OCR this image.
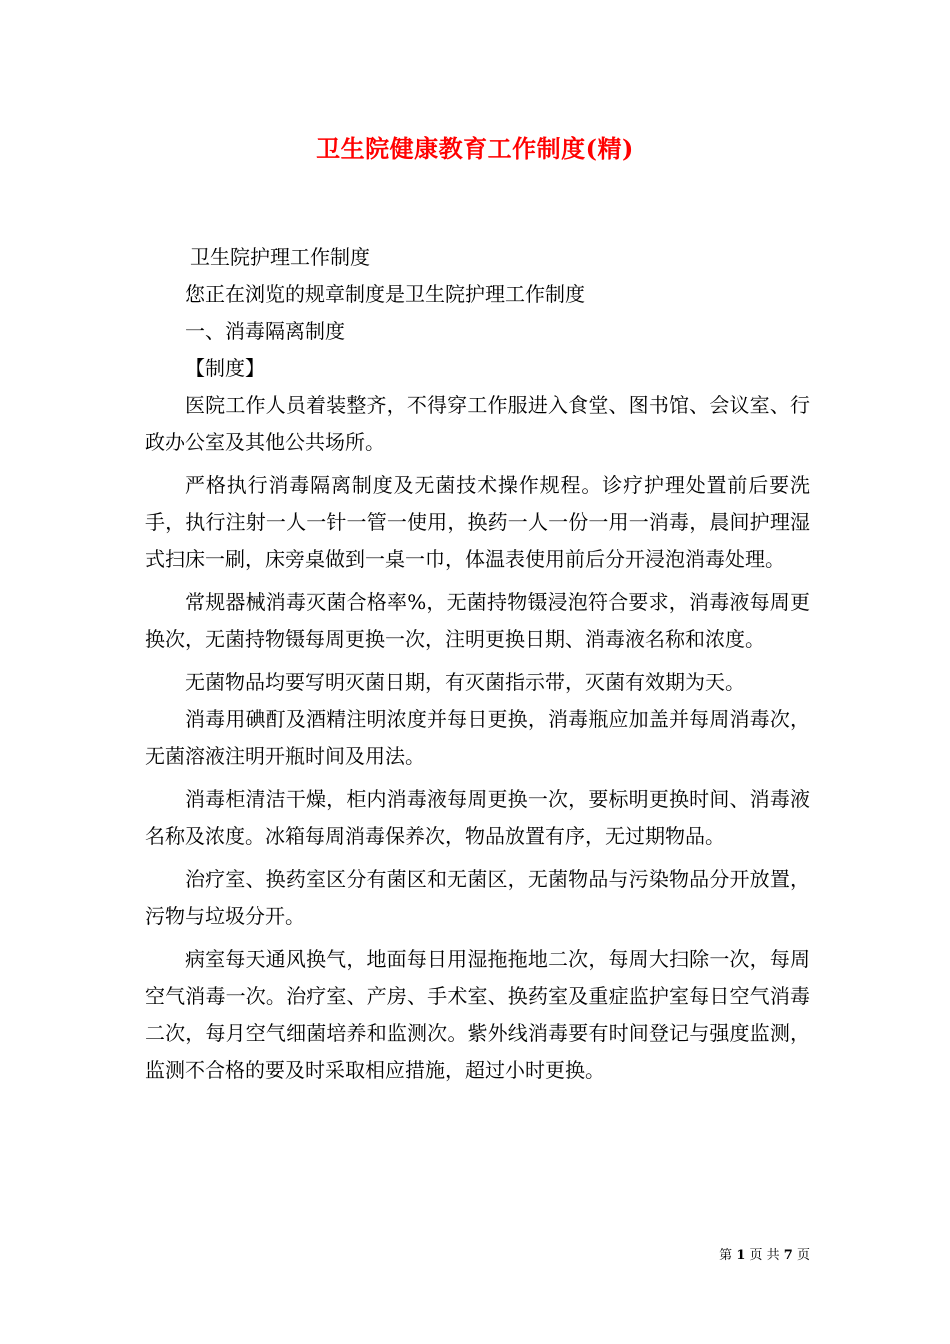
卫生院健康教育工作制度(精)

卫生院护理工作制度

您正在浏览的规章制度是卫生院护理工作制度

一、消毒隔离制度

【制度】

医院工作人员着装整齐，不得穿工作服进入食堂、图书馆、会议室、行政办公室及其他公共场所。

严格执行消毒隔离制度及无菌技术操作规程。诊疗护理处置前后要洗手，执行注射一人一针一管一使用，换药一人一份一用一消毒，晨间护理湿式扫床一刷，床旁桌做到一桌一巾，体温表使用前后分开浸泡消毒处理。

常规器械消毒灭菌合格率%，无菌持物镊浸泡符合要求，消毒液每周更换次，无菌持物镊每周更换一次，注明更换日期、消毒液名称和浓度。

无菌物品均要写明灭菌日期，有灭菌指示带，灭菌有效期为天。

消毒用碘酊及酒精注明浓度并每日更换，消毒瓶应加盖并每周消毒次，无菌溶液注明开瓶时间及用法。

消毒柜清洁干燥，柜内消毒液每周更换一次，要标明更换时间、消毒液名称及浓度。冰箱每周消毒保养次，物品放置有序，无过期物品。

治疗室、换药室区分有菌区和无菌区，无菌物品与污染物品分开放置，污物与垃圾分开。

病室每天通风换气，地面每日用湿拖拖地二次，每周大扫除一次，每周空气消毒一次。治疗室、产房、手术室、换药室及重症监护室每日空气消毒二次，每月空气细菌培养和监测次。紫外线消毒要有时间登记与强度监测，监测不合格的要及时采取相应措施，超过小时更换。

第 1 页 共 7 页
